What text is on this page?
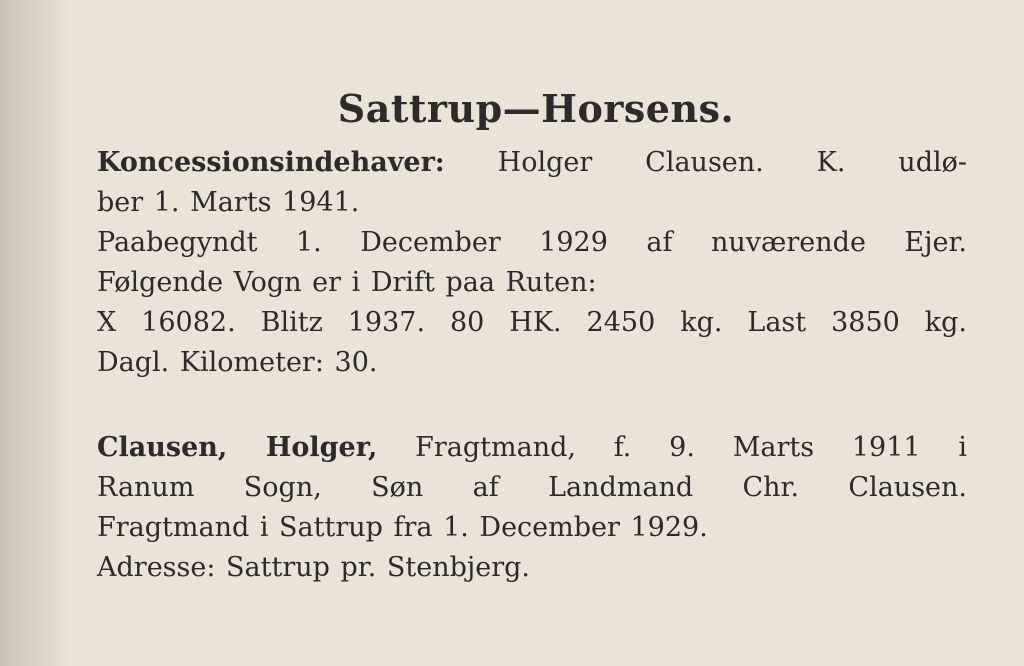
Sattrup—Horsens.
Koncessionsindehaver: Holger Clausen. K. udlø-
ber 1. Marts 1941.
Paabegyndt 1. December 1929 af nuværende Ejer.
Følgende Vogn er i Drift paa Ruten:
X 16082. Blitz 1937. 80 HK. 2450 kg. Last 3850 kg.
Dagl. Kilometer: 30.
Clausen, Holger, Fragtmand, f. 9. Marts 1911 i
Ranum Sogn, Søn af Landmand Chr. Clausen.
Fragtmand i Sattrup fra 1. December 1929.
Adresse: Sattrup pr. Stenbjerg.
